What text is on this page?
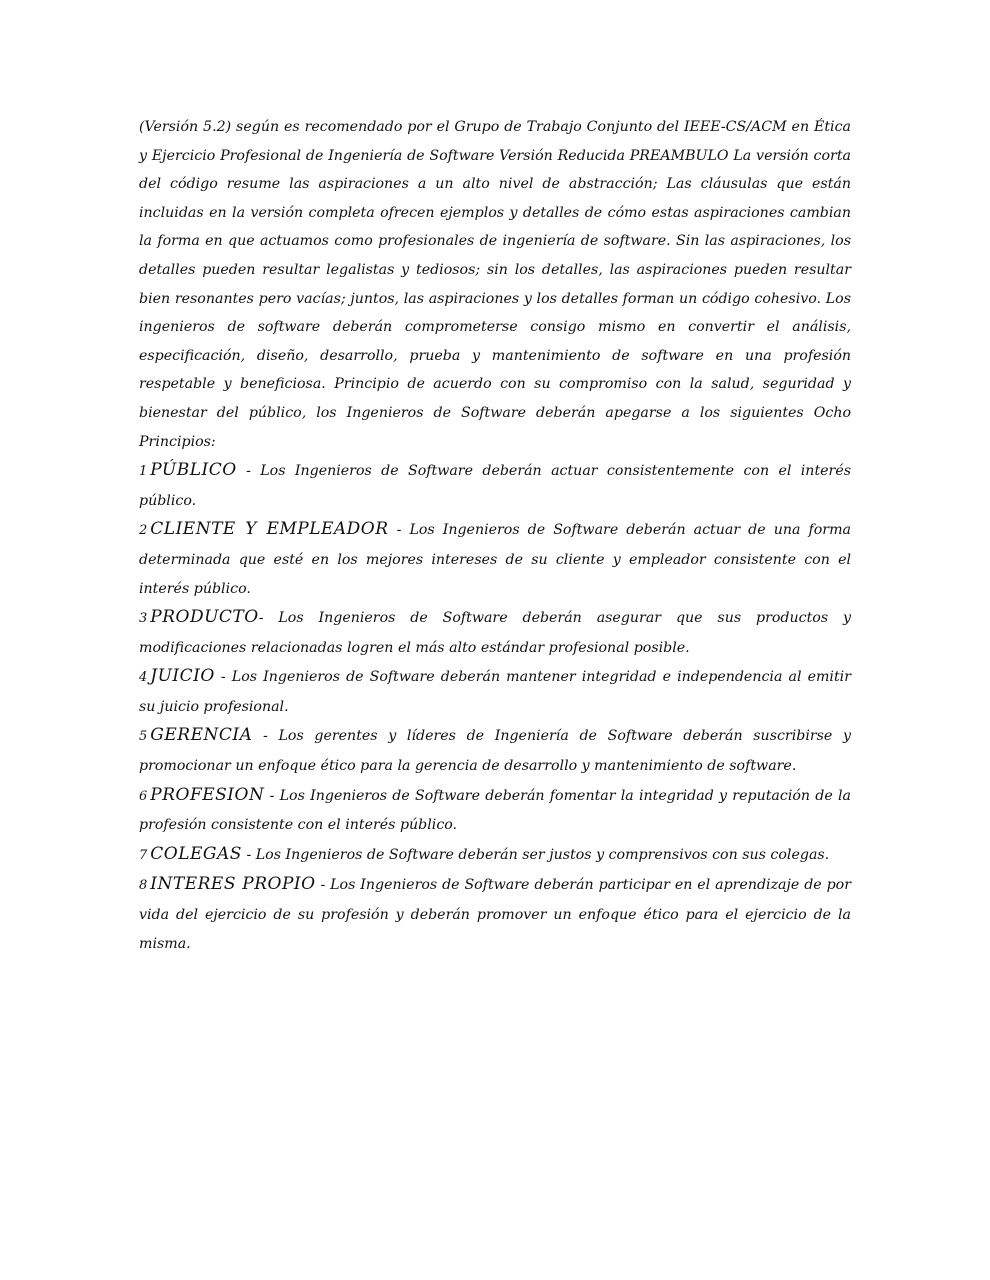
(Versión 5.2) según es recomendado por el Grupo de Trabajo Conjunto del IEEE-CS/ACM en Ética y Ejercicio Profesional de Ingeniería de Software Versión Reducida PREAMBULO La versión corta del código resume las aspiraciones a un alto nivel de abstracción; Las cláusulas que están incluidas en la versión completa ofrecen ejemplos y detalles de cómo estas aspiraciones cambian la forma en que actuamos como profesionales de ingeniería de software. Sin las aspiraciones, los detalles pueden resultar legalistas y tediosos; sin los detalles, las aspiraciones pueden resultar bien resonantes pero vacías; juntos, las aspiraciones y los detalles forman un código cohesivo. Los ingenieros de software deberán comprometerse consigo mismo en convertir el análisis, especificación, diseño, desarrollo, prueba y mantenimiento de software en una profesión respetable y beneficiosa. Principio de acuerdo con su compromiso con la salud, seguridad y bienestar del público, los Ingenieros de Software deberán apegarse a los siguientes Ocho Principios:

1 PÚBLICO - Los Ingenieros de Software deberán actuar consistentemente con el interés público.

2 CLIENTE Y EMPLEADOR - Los Ingenieros de Software deberán actuar de una forma determinada que esté en los mejores intereses de su cliente y empleador consistente con el interés público.

3 PRODUCTO- Los Ingenieros de Software deberán asegurar que sus productos y modificaciones relacionadas logren el más alto estándar profesional posible.

4 JUICIO - Los Ingenieros de Software deberán mantener integridad e independencia al emitir su juicio profesional.

5 GERENCIA - Los gerentes y líderes de Ingeniería de Software deberán suscribirse y promocionar un enfoque ético para la gerencia de desarrollo y mantenimiento de software.

6 PROFESION - Los Ingenieros de Software deberán fomentar la integridad y reputación de la profesión consistente con el interés público.

7 COLEGAS - Los Ingenieros de Software deberán ser justos y comprensivos con sus colegas.

8 INTERES PROPIO - Los Ingenieros de Software deberán participar en el aprendizaje de por vida del ejercicio de su profesión y deberán promover un enfoque ético para el ejercicio de la misma.
